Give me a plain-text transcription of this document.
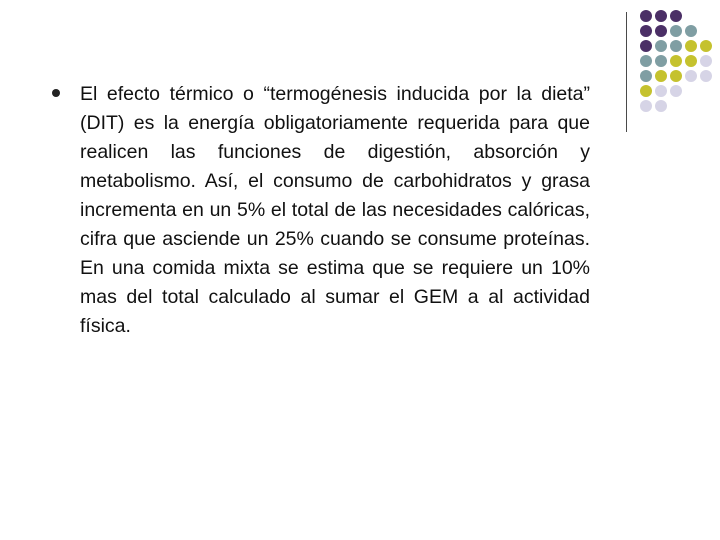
El efecto térmico o “termogénesis inducida por la dieta” (DIT) es la energía obligatoriamente requerida para que realicen las funciones de digestión, absorción y metabolismo. Así, el consumo de carbohidratos y grasa incrementa en un 5% el total de las necesidades calóricas, cifra que asciende un 25% cuando se consume proteínas. En una comida mixta se estima que se requiere un 10% mas del total calculado al sumar el GEM a al actividad física.
